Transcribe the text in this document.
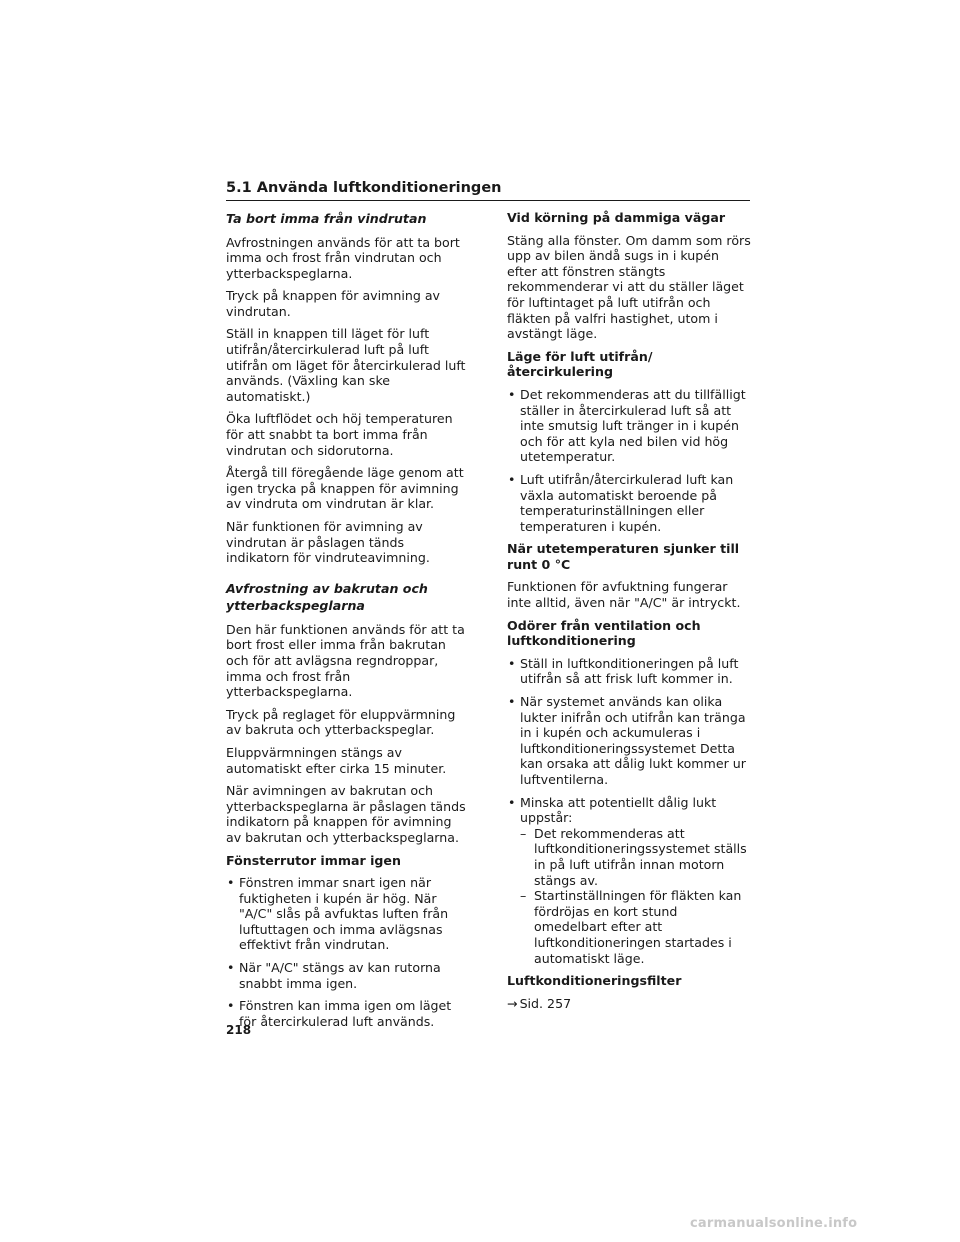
5.1 Använda luftkonditioneringen
Ta bort imma från vindrutan
Avfrostningen används för att ta bort imma och frost från vindrutan och ytterbackspeglarna.
Tryck på knappen för avimning av vindrutan.
Ställ in knappen till läget för luft utifrån/återcirkulerad luft på luft utifrån om läget för återcirkulerad luft används. (Växling kan ske automatiskt.)
Öka luftflödet och höj temperaturen för att snabbt ta bort imma från vindrutan och sidorutorna.
Återgå till föregående läge genom att igen trycka på knappen för avimning av vindruta om vindrutan är klar.
När funktionen för avimning av vindrutan är påslagen tänds indikatorn för vindruteavimning.
Avfrostning av bakrutan och ytterbackspeglarna
Den här funktionen används för att ta bort frost eller imma från bakrutan och för att avlägsna regndroppar, imma och frost från ytterbackspeglarna.
Tryck på reglaget för eluppvärmning av bakruta och ytterbackspeglar.
Eluppvärmningen stängs av automatiskt efter cirka 15 minuter.
När avimningen av bakrutan och ytterbackspeglarna är påslagen tänds indikatorn på knappen för avimning av bakrutan och ytterbackspeglarna.
Fönsterrutor immar igen
• Fönstren immar snart igen när fuktigheten i kupén är hög. När "A/C" slås på avfuktas luften från luftuttagen och imma avlägsnas effektivt från vindrutan.
• När "A/C" stängs av kan rutorna snabbt imma igen.
• Fönstren kan imma igen om läget för återcirkulerad luft används.
Vid körning på dammiga vägar
Stäng alla fönster. Om damm som rörs upp av bilen ändå sugs in i kupén efter att fönstren stängts rekommenderar vi att du ställer läget för luftintaget på luft utifrån och fläkten på valfri hastighet, utom i avstängt läge.
Läge för luft utifrån/återcirkulering
• Det rekommenderas att du tillfälligt ställer in återcirkulerad luft så att inte smutsig luft tränger in i kupén och för att kyla ned bilen vid hög utetemperatur.
• Luft utifrån/återcirkulerad luft kan växla automatiskt beroende på temperaturinställningen eller temperaturen i kupén.
När utetemperaturen sjunker till runt 0 °C
Funktionen för avfuktning fungerar inte alltid, även när "A/C" är intryckt.
Odörer från ventilation och luftkonditionering
• Ställ in luftkonditioneringen på luft utifrån så att frisk luft kommer in.
• När systemet används kan olika lukter inifrån och utifrån kan tränga in i kupén och ackumuleras i luftkonditioneringssystemet Detta kan orsaka att dålig lukt kommer ur luftventilerna.
• Minska att potentiellt dålig lukt uppstår:
– Det rekommenderas att luftkonditioneringssystemet ställs in på luft utifrån innan motorn stängs av.
– Startinställningen för fläkten kan fördröjas en kort stund omedelbart efter att luftkonditioneringen startades i automatiskt läge.
Luftkonditioneringsfilter
→ Sid. 257
218
carmanualsonline.info
